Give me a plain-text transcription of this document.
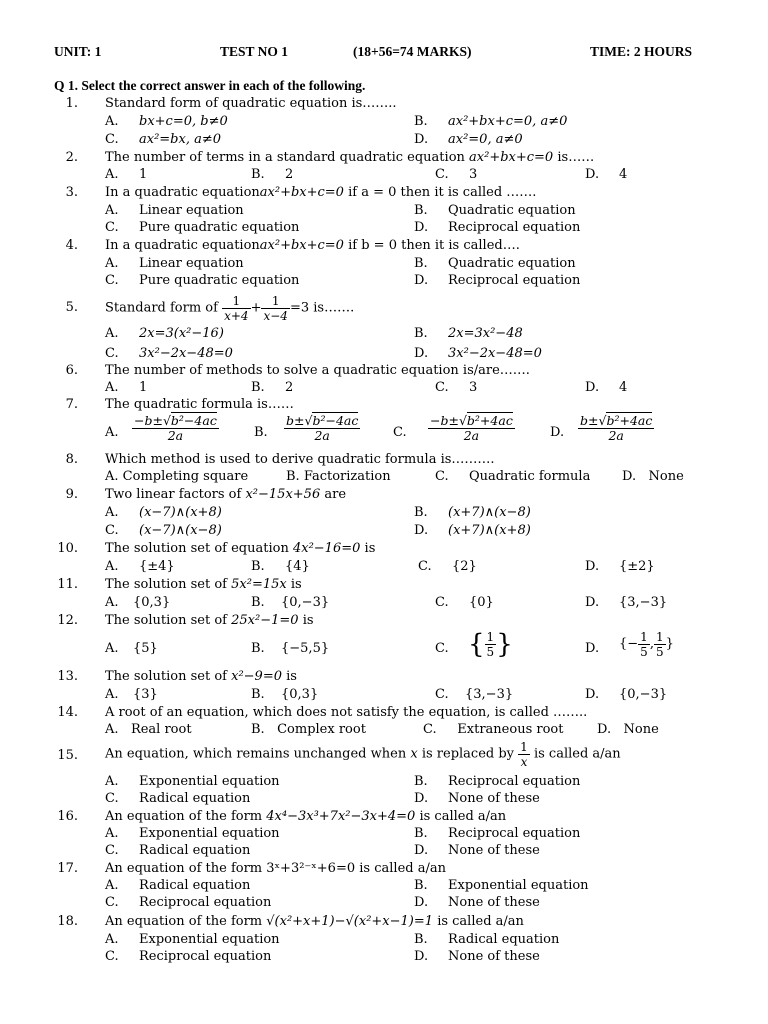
UNIT: 1	TEST NO 1	(18+56=74 MARKS)	TIME: 2 HOURS
Q 1. Select the correct answer in each of the following.
1. Standard form of quadratic equation is……..
A. bx+c=0, b≠0	B. ax²+bx+c=0, a≠0
C. ax²=bx, a≠0	D. ax²=0, a≠0
2. The number of terms in a standard quadratic equation ax²+bx+c=0 is……
A. 1	B. 2	C. 3	D. 4
3. In a quadratic equationax²+bx+c=0 if a = 0 then it is called …….
A. Linear equation	B. Quadratic equation
C. Pure quadratic equation	D. Reciprocal equation
4. In a quadratic equationax²+bx+c=0 if b = 0 then it is called….
A. Linear equation	B. Quadratic equation
C. Pure quadratic equation	D. Reciprocal equation
5. Standard form of $\frac{1}{x+4} + \frac{1}{x-4} =3$ is…….
A. 2x=3(x²−16)	B. 2x=3x²−48
C. 3x²−2x−48=0	D. 3x²−2x−48=0
6. The number of methods to solve a quadratic equation is/are…….
A. 1	B. 2	C. 3	D. 4
7. The quadratic formula is……
A. $\frac{\text{−b±√b²−4ac}}{2a}$	B. $\frac{\text{b±√b²−4ac}}{2a}$	C. $\frac{\text{−b±√b²+4ac}}{2a}$	D. $\frac{\text{b±√b²+4ac}}{2a}$
8. Which method is used to derive quadratic formula is……….
A. Completing square	B. Factorization	C. Quadratic formula D. None
9. Two linear factors of x²−15x+56 are
A. (x−7)∧(x+8)	B. (x+7)∧(x−8)
C. (x−7)∧(x−8)	D. (x+7)∧(x+8)
10. The solution set of equation 4x²−16=0 is
A. {±4}	B. {4}	C. {2}	D. {±2}
11. The solution set of 5x²=15x is
A. {0,3}	B. {0,−3}	C. {0}	D. {3,−3}
12. The solution set of 25x²−1=0 is
A. {5}	B. {−5,5}	C. { $\frac{1}{5}$ }	D. {− $\frac{1}{5}$ , $\frac{1}{5}$ }
13. The solution set of x²−9=0 is
A. {3}	B. {0,3}	C. {3,−3}	D. {0,−3}
14. A root of an equation, which does not satisfy the equation, is called ……..
A. Real root	B. Complex root	C. Extraneous root	D. None
15. An equation, which remains unchanged when x is replaced by $\frac{1}{x}$ is called a/an
A. Exponential equation	B. Reciprocal equation
C. Radical equation	D. None of these
16. An equation of the form 4x⁴−3x³+7x²−3x+4=0 is called a/an
A. Exponential equation	B. Reciprocal equation
C. Radical equation	D. None of these
17. An equation of the form 3ˣ+3²⁻ˣ+6=0 is called a/an
A. Radical equation	B. Exponential equation
C. Reciprocal equation	D. None of these
18. An equation of the form √(x²+x+1)−√(x²+x−1)=1 is called a/an
A. Exponential equation	B. Radical equation
C. Reciprocal equation	D. None of these
